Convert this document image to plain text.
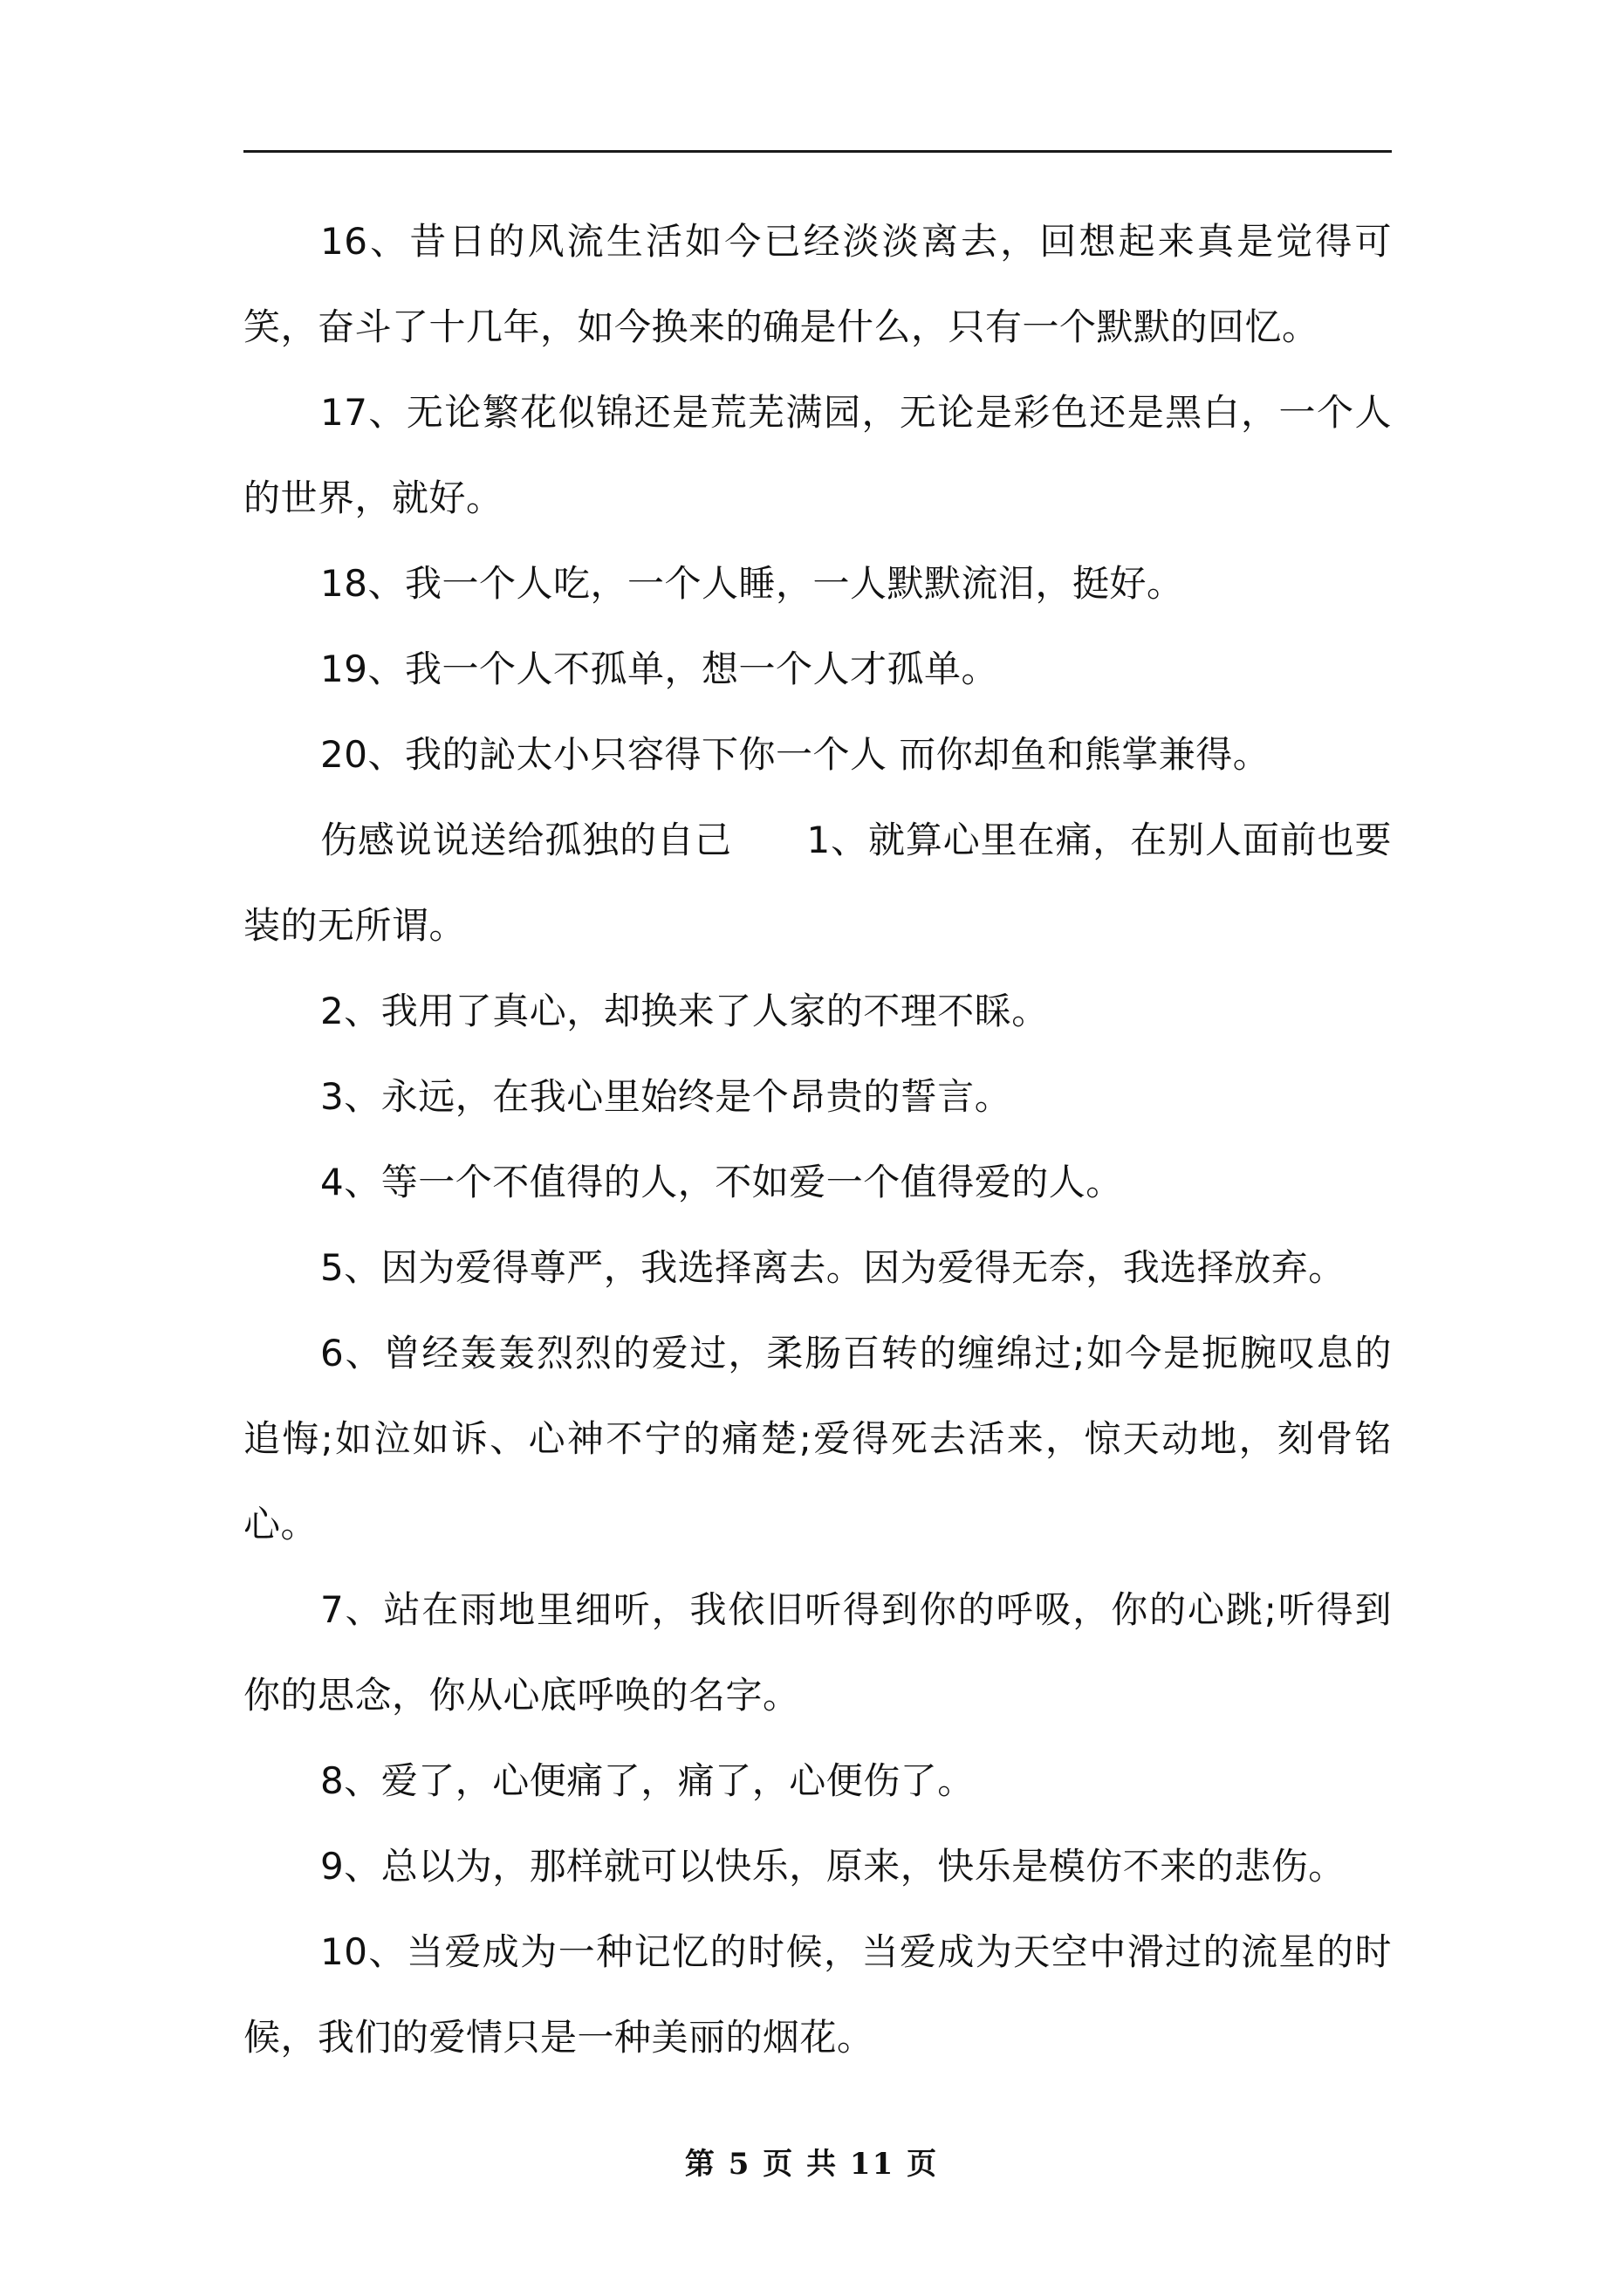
16、昔日的风流生活如今已经淡淡离去，回想起来真是觉得可笑，奋斗了十几年，如今换来的确是什么，只有一个默默的回忆。

17、无论繁花似锦还是荒芜满园，无论是彩色还是黑白，一个人的世界，就好。

18、我一个人吃，一个人睡，一人默默流泪，挺好。

19、我一个人不孤单，想一个人才孤单。

20、我的訫太小只容得下你一个人 而你却鱼和熊掌兼得。

伤感说说送给孤独的自己　　1、就算心里在痛，在别人面前也要装的无所谓。

2、我用了真心，却换来了人家的不理不睬。

3、永远，在我心里始终是个昂贵的誓言。

4、等一个不值得的人，不如爱一个值得爱的人。

5、因为爱得尊严，我选择离去。因为爱得无奈，我选择放弃。

6、曾经轰轰烈烈的爱过，柔肠百转的缠绵过;如今是扼腕叹息的追悔;如泣如诉、心神不宁的痛楚;爱得死去活来，惊天动地，刻骨铭心。

7、站在雨地里细听，我依旧听得到你的呼吸，你的心跳;听得到你的思念，你从心底呼唤的名字。

8、爱了，心便痛了，痛了，心便伤了。

9、总以为，那样就可以快乐，原来，快乐是模仿不来的悲伤。

10、当爱成为一种记忆的时候，当爱成为天空中滑过的流星的时候，我们的爱情只是一种美丽的烟花。

第 5 页 共 11 页
